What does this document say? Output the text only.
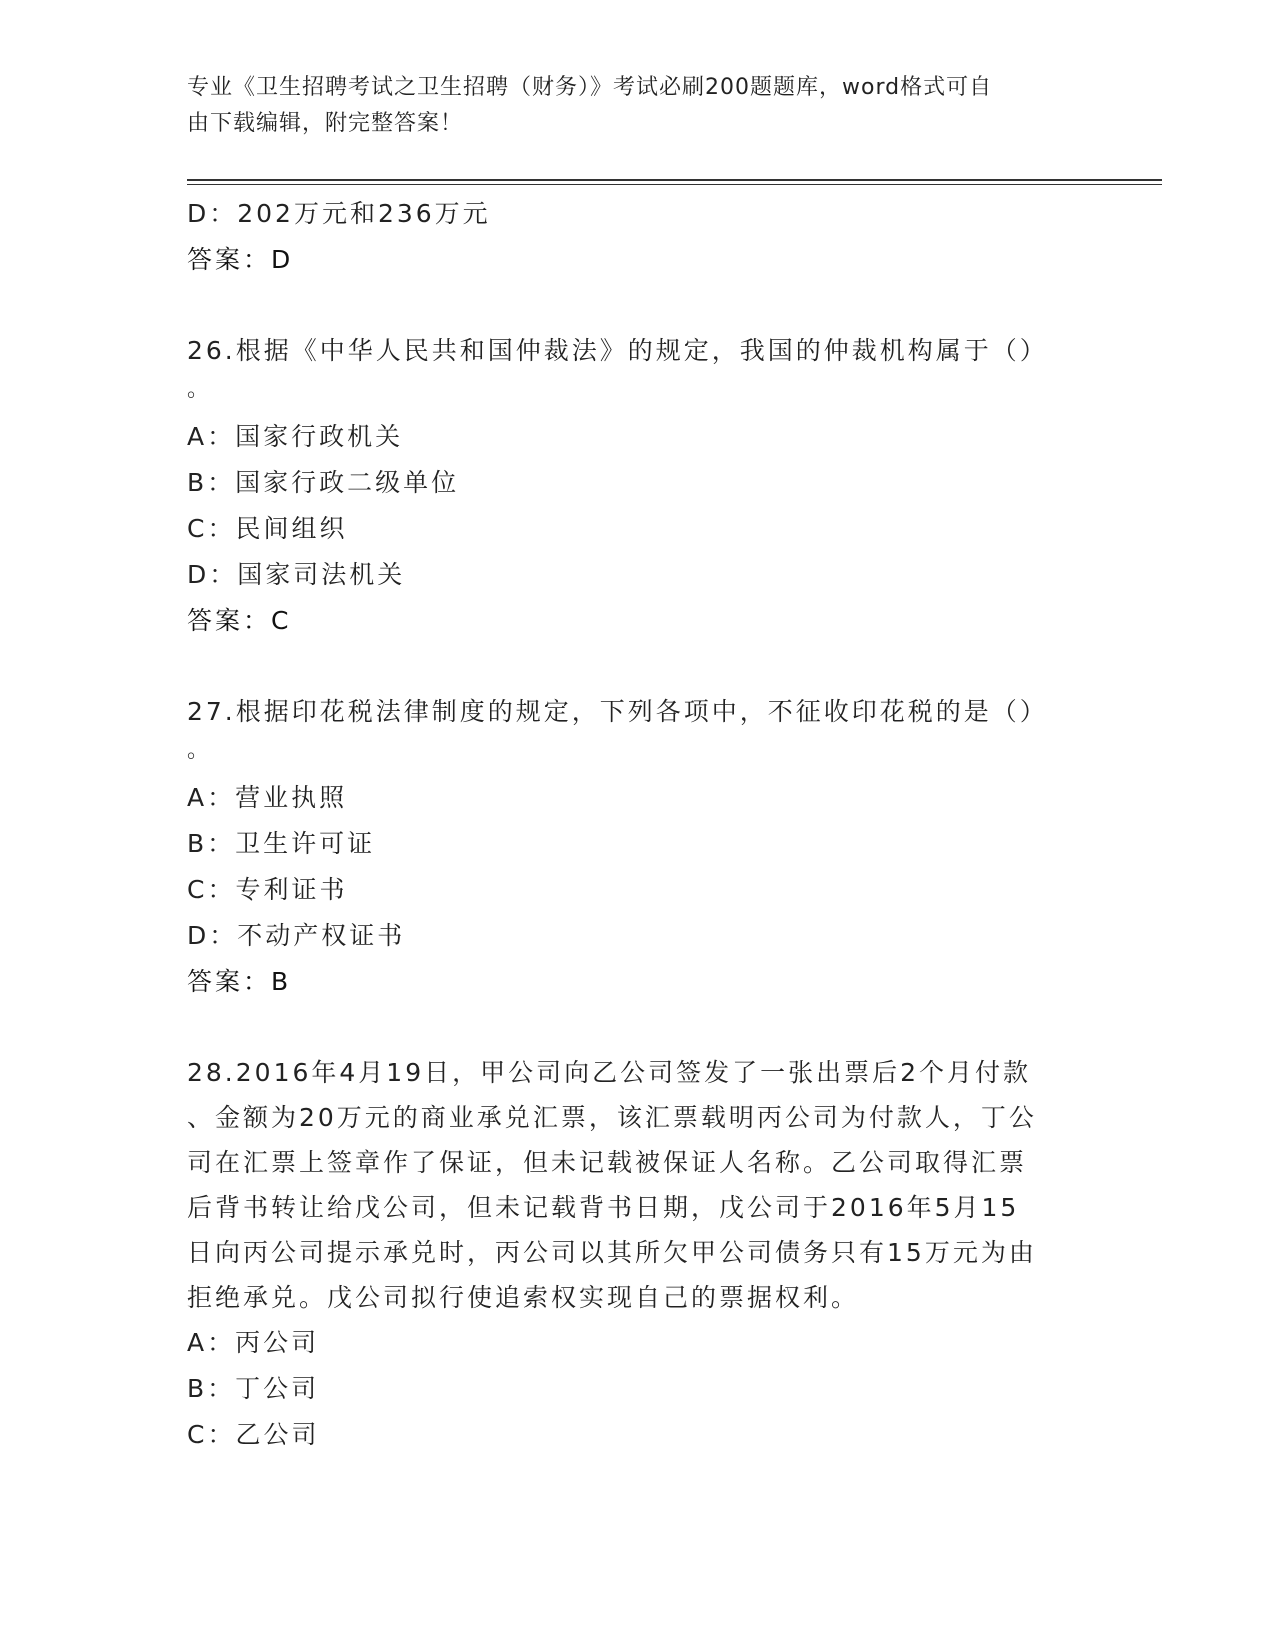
专业《卫生招聘考试之卫生招聘（财务）》考试必刷200题题库，word格式可自
由下载编辑，附完整答案！
D：202万元和236万元
答案：D
26.根据《中华人民共和国仲裁法》的规定，我国的仲裁机构属于（）
。
A：国家行政机关
B：国家行政二级单位
C：民间组织
D：国家司法机关
答案：C
27.根据印花税法律制度的规定，下列各项中，不征收印花税的是（）
。
A：营业执照
B：卫生许可证
C：专利证书
D：不动产权证书
答案：B
28.2016年4月19日，甲公司向乙公司签发了一张出票后2个月付款
、金额为20万元的商业承兑汇票，该汇票载明丙公司为付款人，丁公
司在汇票上签章作了保证，但未记载被保证人名称。乙公司取得汇票
后背书转让给戊公司，但未记载背书日期，戊公司于2016年5月15
日向丙公司提示承兑时，丙公司以其所欠甲公司债务只有15万元为由
拒绝承兑。戊公司拟行使追索权实现自己的票据权利。
A：丙公司
B：丁公司
C：乙公司
